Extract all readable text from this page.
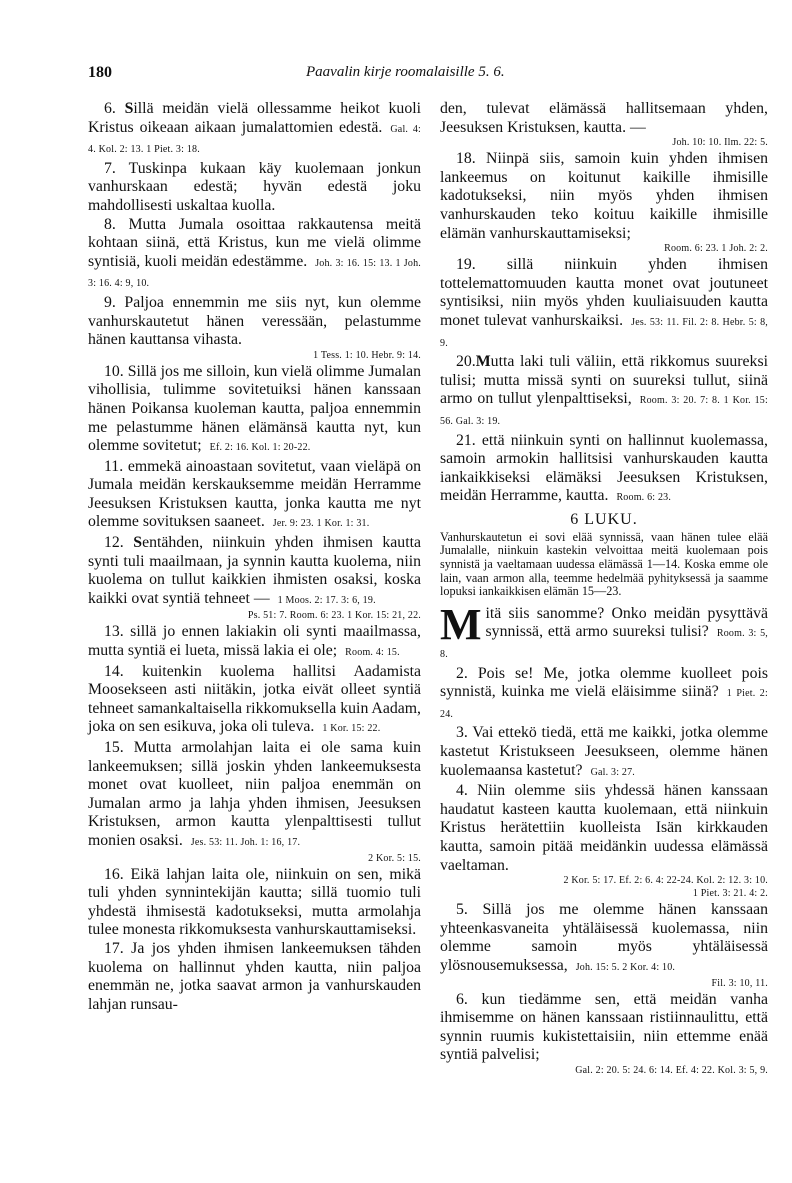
180	Paavalin kirje roomalaisille 5. 6.

6. Sillä meidän vielä ollessamme heikot kuoli Kristus oikeaan aikaan jumalattomien edestä. Gal. 4: 4. Kol. 2: 13. 1 Piet. 3: 18.

7. Tuskinpa kukaan käy kuolemaan jonkun vanhurskaan edestä; hyvän edestä joku mahdollisesti uskaltaa kuolla.

8. Mutta Jumala osoittaa rakkautensa meitä kohtaan siinä, että Kristus, kun me vielä olimme syntisiä, kuoli meidän edestämme. Joh. 3: 16. 15: 13. 1 Joh. 3: 16. 4: 9, 10.

9. Paljoa ennemmin me siis nyt, kun olemme vanhurskautetut hänen veressään, pelastumme hänen kauttansa vihasta.

1 Tess. 1: 10. Hebr. 9: 14.

10. Sillä jos me silloin, kun vielä olimme Jumalan vihollisia, tulimme sovitetuiksi hänen kanssaan hänen Poikansa kuoleman kautta, paljoa ennemmin me pelastumme hänen elämänsä kautta nyt, kun olemme sovitetut; Ef. 2: 16. Kol. 1: 20-22.

11. emmekä ainoastaan sovitetut, vaan vieläpä on Jumala meidän kerskauksemme meidän Herramme Jeesuksen Kristuksen kautta, jonka kautta me nyt olemme sovituksen saaneet. Jer. 9: 23. 1 Kor. 1: 31.

12. Sentähden, niinkuin yhden ihmisen kautta synti tuli maailmaan, ja synnin kautta kuolema, niin kuolema on tullut kaikkien ihmisten osaksi, koska kaikki ovat syntiä tehneet — 1 Moos. 2: 17. 3: 6, 19.

Ps. 51: 7. Room. 6: 23. 1 Kor. 15: 21, 22.

13. sillä jo ennen lakiakin oli synti maailmassa, mutta syntiä ei lueta, missä lakia ei ole; Room. 4: 15.

14. kuitenkin kuolema hallitsi Aadamista Moosekseen asti niitäkin, jotka eivät olleet syntiä tehneet samankaltaisella rikkomuksella kuin Aadam, joka on sen esikuva, joka oli tuleva. 1 Kor. 15: 22.

15. Mutta armolahjan laita ei ole sama kuin lankeemuksen; sillä joskin yhden lankeemuksesta monet ovat kuolleet, niin paljoa enemmän on Jumalan armo ja lahja yhden ihmisen, Jeesuksen Kristuksen, armon kautta ylenpalttisesti tullut monien osaksi. Jes. 53: 11. Joh. 1: 16, 17.

2 Kor. 5: 15.

16. Eikä lahjan laita ole, niinkuin on sen, mikä tuli yhden synnintekijän kautta; sillä tuomio tuli yhdestä ihmisestä kadotukseksi, mutta armolahja tulee monesta rikkomuksesta vanhurskauttamiseksi.

17. Ja jos yhden ihmisen lankeemuksen tähden kuolema on hallinnut yhden kautta, niin paljoa enemmän ne, jotka saavat armon ja vanhurskauden lahjan runsau-

den, tulevat elämässä hallitsemaan yhden, Jeesuksen Kristuksen, kautta. —

Joh. 10: 10. Ilm. 22: 5.

18. Niinpä siis, samoin kuin yhden ihmisen lankeemus on koitunut kaikille ihmisille kadotukseksi, niin myös yhden ihmisen vanhurskauden teko koituu kaikille ihmisille elämän vanhurskauttamiseksi;

Room. 6: 23. 1 Joh. 2: 2.

19. sillä niinkuin yhden ihmisen tottelemattomuuden kautta monet ovat joutuneet syntisiksi, niin myös yhden kuuliaisuuden kautta monet tulevat vanhurskaiksi. Jes. 53: 11. Fil. 2: 8. Hebr. 5: 8, 9.

20.Mutta laki tuli väliin, että rikkomus suureksi tulisi; mutta missä synti on suureksi tullut, siinä armo on tullut ylenpalttiseksi, Room. 3: 20. 7: 8. 1 Kor. 15: 56. Gal. 3: 19.

21. että niinkuin synti on hallinnut kuolemassa, samoin armokin hallitsisi vanhurskauden kautta iankaikkiseksi elämäksi Jeesuksen Kristuksen, meidän Herramme, kautta. Room. 6: 23.

6 LUKU.

Vanhurskautetun ei sovi elää synnissä, vaan hänen tulee elää Jumalalle, niinkuin kastekin velvoittaa meitä kuolemaan pois synnistä ja vaeltamaan uudessa elämässä 1—14. Koska emme ole lain, vaan armon alla, teemme hedelmää pyhityksessä ja saamme lopuksi iankaikkisen elämän 15—23.

Mitä siis sanomme? Onko meidän pysyttävä synnissä, että armo suureksi tulisi? Room. 3: 5, 8.

2. Pois se! Me, jotka olemme kuolleet pois synnistä, kuinka me vielä eläisimme siinä? 1 Piet. 2: 24.

3. Vai ettekö tiedä, että me kaikki, jotka olemme kastetut Kristukseen Jeesukseen, olemme hänen kuolemaansa kastetut? Gal. 3: 27.

4. Niin olemme siis yhdessä hänen kanssaan haudatut kasteen kautta kuolemaan, että niinkuin Kristus herätettiin kuolleista Isän kirkkauden kautta, samoin pitää meidänkin uudessa elämässä vaeltaman.

2 Kor. 5: 17. Ef. 2: 6. 4: 22-24. Kol. 2: 12. 3: 10.

1 Piet. 3: 21. 4: 2.

5. Sillä jos me olemme hänen kanssaan yhteenkasvaneita yhtäläisessä kuolemassa, niin olemme samoin myös yhtäläisessä ylösnousemuksessa, Joh. 15: 5. 2 Kor. 4: 10.

Fil. 3: 10, 11.

6. kun tiedämme sen, että meidän vanha ihmisemme on hänen kanssaan ristiinnaulittu, että synnin ruumis kukistettaisiin, niin ettemme enää syntiä palvelisi;

Gal. 2: 20. 5: 24. 6: 14. Ef. 4: 22. Kol. 3: 5, 9.
